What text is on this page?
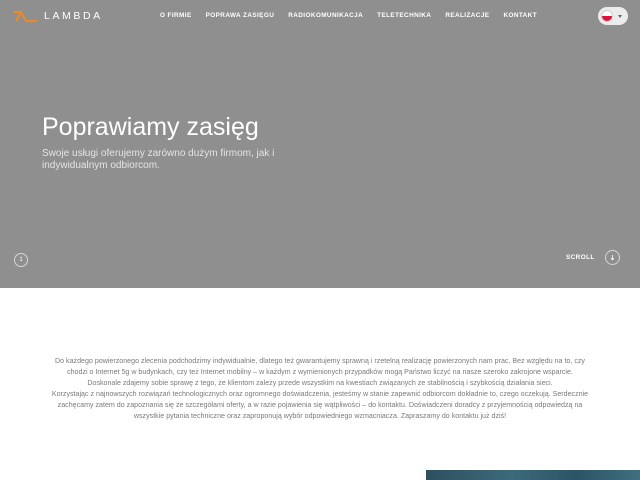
LAMBDA	O FIRMIE POPRAWA ZASIĘGU RADIOKOMUNIKACJA TELETECHNIKA REALIZACJE KONTAKT
Poprawiamy zasięg

Swoje usługi oferujemy zarówno dużym firmom, jak i indywidualnym odbiorcom.

1	SCROLL

Do każdego powierzonego zlecenia podchodzimy indywidualnie, dlatego też gwarantujemy sprawną i rzetelną realizację powierzonych nam prac. Bez względu na to, czy chodzi o Internet 5g w budynkach, czy też Internet mobilny – w każdym z wymienionych przypadków mogą Państwo liczyć na nasze szeroko zakrojone wsparcie. Doskonale zdajemy sobie sprawę z tego, że klientom zależy przede wszystkim na kwestiach związanych ze stabilnością i szybkością działania sieci.

Korzystając z najnowszych rozwiązań technologicznych oraz ogromnego doświadczenia, jesteśmy w stanie zapewnić odbiorcom dokładnie to, czego oczekują. Serdecznie zachęcamy zatem do zapoznania się ze szczegółami oferty, a w razie pojawienia się wątpliwości – do kontaktu. Doświadczeni doradcy z przyjemnością odpowiedzą na wszystkie pytania techniczne oraz zaproponują wybór odpowiedniego wzmacniacza. Zapraszamy do kontaktu już dziś!
